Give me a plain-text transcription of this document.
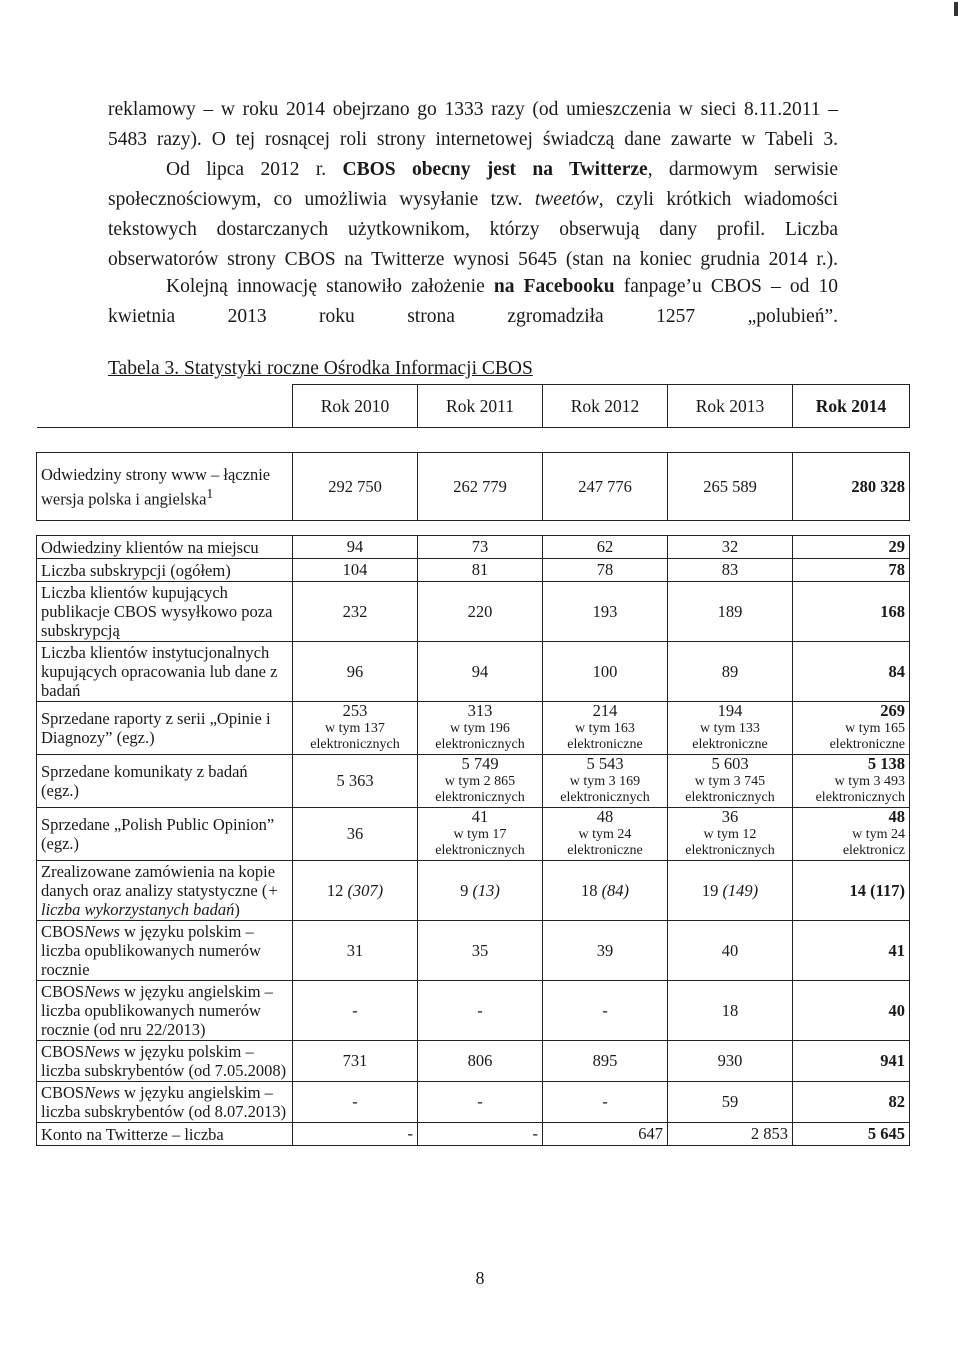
reklamowy – w roku 2014 obejrzano go 1333 razy (od umieszczenia w sieci 8.11.2011 – 5483 razy). O tej rosnącej roli strony internetowej świadczą dane zawarte w Tabeli 3.

Od lipca 2012 r. CBOS obecny jest na Twitterze, darmowym serwisie społecznościowym, co umożliwia wysyłanie tzw. tweetów, czyli krótkich wiadomości tekstowych dostarczanych użytkownikom, którzy obserwują dany profil. Liczba obserwatorów strony CBOS na Twitterze wynosi 5645 (stan na koniec grudnia 2014 r.).

Kolejną innowację stanowiło założenie na Facebooku fanpage’u CBOS – od 10 kwietnia 2013 roku strona zgromadziła 1257 „polubień”.

Tabela 3. Statystyki roczne Ośrodka Informacji CBOS
	Rok 2010	Rok 2011	Rok 2012	Rok 2013	Rok 2014

Odwiedziny strony www – łącznie wersja polska i angielska$^1$	292 750	262 779	247 776	265 589	280 328

Odwiedziny klientów na miejscu	94	73	62	32	29
Liczba subskrypcji (ogółem)	104	81	78	83	78
Liczba klientów kupujących publikacje CBOS wysyłkowo poza subskrypcją	232	220	193	189	168
Liczba klientów instytucjonalnych kupujących opracowania lub dane z badań	96	94	100	89	84
Sprzedane raporty z serii „Opinie i Diagnozy” (egz.)	253
w tym 137
elektronicznych	313
w tym 196
elektronicznych	214
w tym 163
elektroniczne	194
w tym 133
elektroniczne	269
w tym 165
elektroniczne
Sprzedane komunikaty z badań (egz.)	5 363	5 749
w tym 2 865
elektronicznych	5 543
w tym 3 169
elektronicznych	5 603
w tym 3 745
elektronicznych	5 138
w tym 3 493
elektronicznych
Sprzedane „Polish Public Opinion” (egz.)	36	41
w tym 17
elektronicznych	48
w tym 24
elektroniczne	36
w tym 12
elektronicznych	48
w tym 24
elektronicz
Zrealizowane zamówienia na kopie danych oraz analizy statystyczne (+ liczba wykorzystanych badań)	12 (307)	9 (13)	18 (84)	19 (149)	14 (117)
CBOSNews w języku polskim – liczba opublikowanych numerów rocznie	31	35	39	40	41
CBOSNews w języku angielskim – liczba opublikowanych numerów rocznie (od nru 22/2013)	-	-	-	18	40
CBOSNews w języku polskim – liczba subskrybentów (od 7.05.2008)	731	806	895	930	941
CBOSNews w języku angielskim – liczba subskrybentów (od 8.07.2013)	-	-	-	59	82
Konto na Twitterze – liczba	-	-	647	2 853	5 645
8
